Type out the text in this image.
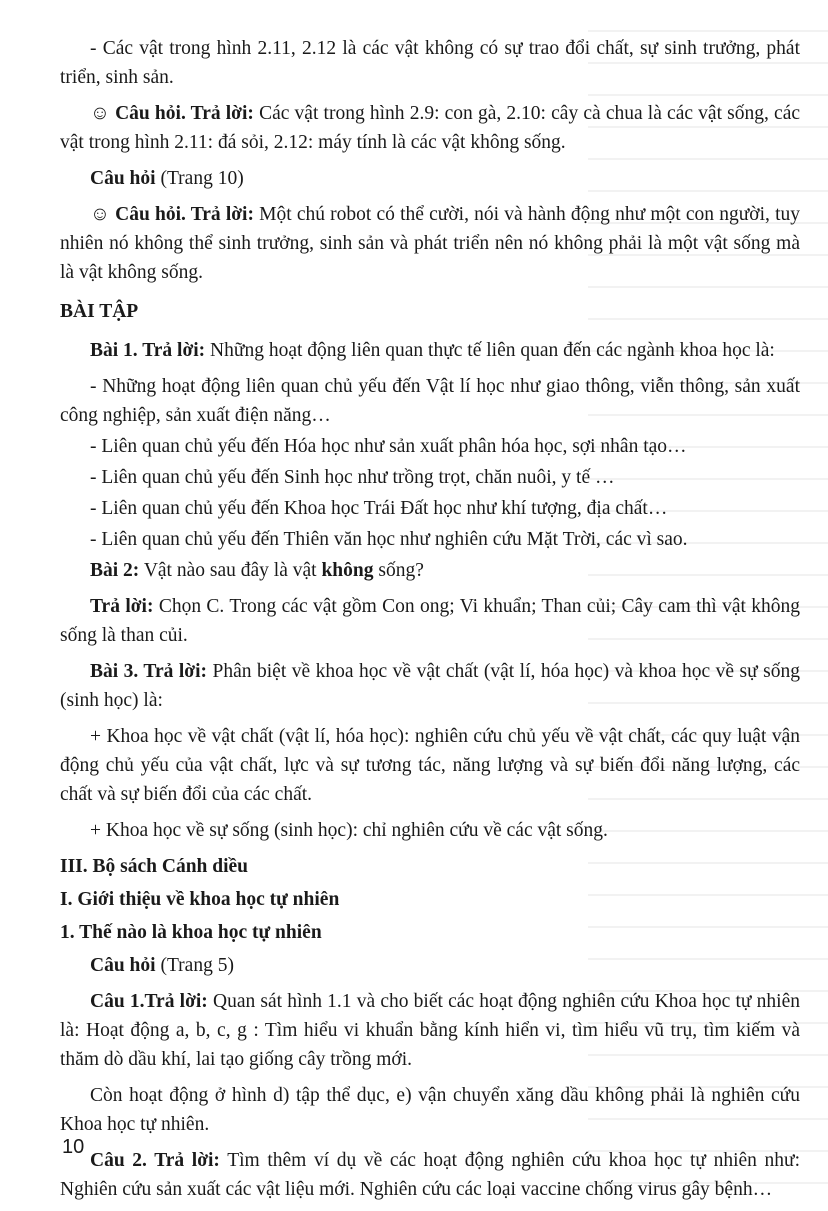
- Các vật trong hình 2.11, 2.12 là các vật không có sự trao đổi chất, sự sinh trưởng, phát triển, sinh sản.

☺ Câu hỏi. Trả lời: Các vật trong hình 2.9: con gà, 2.10: cây cà chua là các vật sống, các vật trong hình 2.11: đá sỏi, 2.12: máy tính là các vật không sống.

Câu hỏi (Trang 10)

☺ Câu hỏi. Trả lời: Một chú robot có thể cười, nói và hành động như một con người, tuy nhiên nó không thể sinh trưởng, sinh sản và phát triển nên nó không phải là một vật sống mà là vật không sống.

BÀI TẬP

Bài 1. Trả lời: Những hoạt động liên quan thực tế liên quan đến các ngành khoa học là:

- Những hoạt động liên quan chủ yếu đến Vật lí học như giao thông, viễn thông, sản xuất công nghiệp, sản xuất điện năng…

- Liên quan chủ yếu đến Hóa học như sản xuất phân hóa học, sợi nhân tạo…

- Liên quan chủ yếu đến Sinh học như trồng trọt, chăn nuôi, y tế …

- Liên quan chủ yếu đến Khoa học Trái Đất học như khí tượng, địa chất…

- Liên quan chủ yếu đến Thiên văn học như nghiên cứu Mặt Trời, các vì sao.

Bài 2: Vật nào sau đây là vật không sống?

Trả lời: Chọn C. Trong các vật gồm Con ong; Vi khuẩn; Than củi; Cây cam thì vật không sống là than củi.

Bài 3. Trả lời: Phân biệt về khoa học về vật chất (vật lí, hóa học) và khoa học về sự sống (sinh học) là:

+ Khoa học về vật chất (vật lí, hóa học): nghiên cứu chủ yếu về vật chất, các quy luật vận động chủ yếu của vật chất, lực và sự tương tác, năng lượng và sự biến đổi năng lượng, các chất và sự biến đổi của các chất.

+ Khoa học về sự sống (sinh học): chỉ nghiên cứu về các vật sống.

III. Bộ sách Cánh diều

I. Giới thiệu về khoa học tự nhiên

1. Thế nào là khoa học tự nhiên

Câu hỏi (Trang 5)

Câu 1.Trả lời: Quan sát hình 1.1 và cho biết các hoạt động nghiên cứu Khoa học tự nhiên là: Hoạt động a, b, c, g : Tìm hiểu vi khuẩn bằng kính hiển vi, tìm hiểu vũ trụ, tìm kiếm và thăm dò dầu khí, lai tạo giống cây trồng mới.

Còn hoạt động ở hình d) tập thể dục, e) vận chuyển xăng dầu không phải là nghiên cứu Khoa học tự nhiên.

Câu 2. Trả lời: Tìm thêm ví dụ về các hoạt động nghiên cứu khoa học tự nhiên như: Nghiên cứu sản xuất các vật liệu mới. Nghiên cứu các loại vaccine chống virus gây bệnh…

10
